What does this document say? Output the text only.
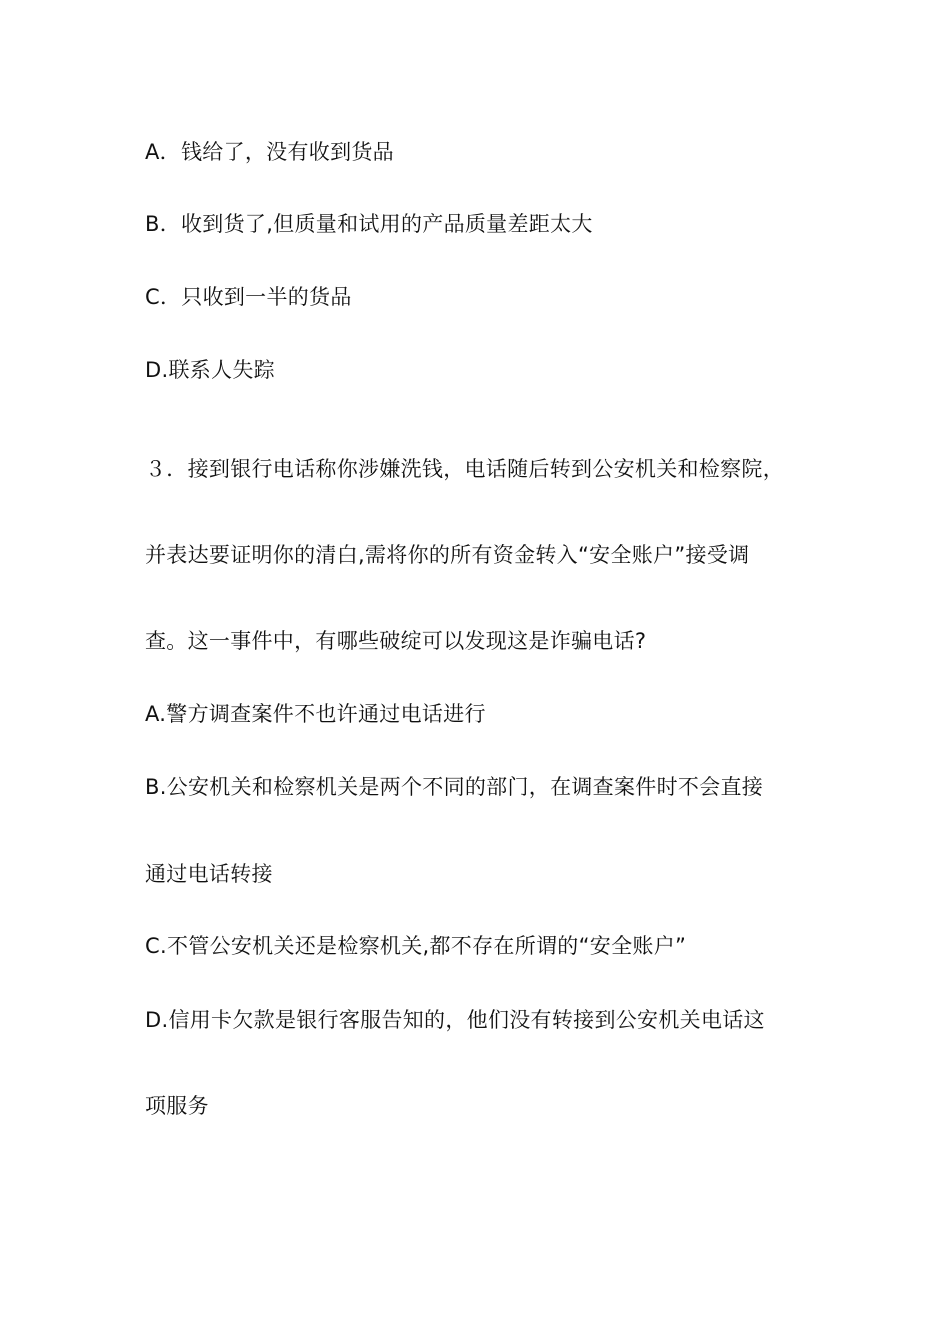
A．钱给了，没有收到货品
B．收到货了,但质量和试用的产品质量差距太大
C．只收到一半的货品
D.联系人失踪
３．接到银行电话称你涉嫌洗钱，电话随后转到公安机关和检察院，
并表达要证明你的清白,需将你的所有资金转入“安全账户”接受调
查。这一事件中，有哪些破绽可以发现这是诈骗电话?
A.警方调查案件不也许通过电话进行
B.公安机关和检察机关是两个不同的部门，在调查案件时不会直接
通过电话转接
C.不管公安机关还是检察机关,都不存在所谓的“安全账户”
D.信用卡欠款是银行客服告知的，他们没有转接到公安机关电话这
项服务
